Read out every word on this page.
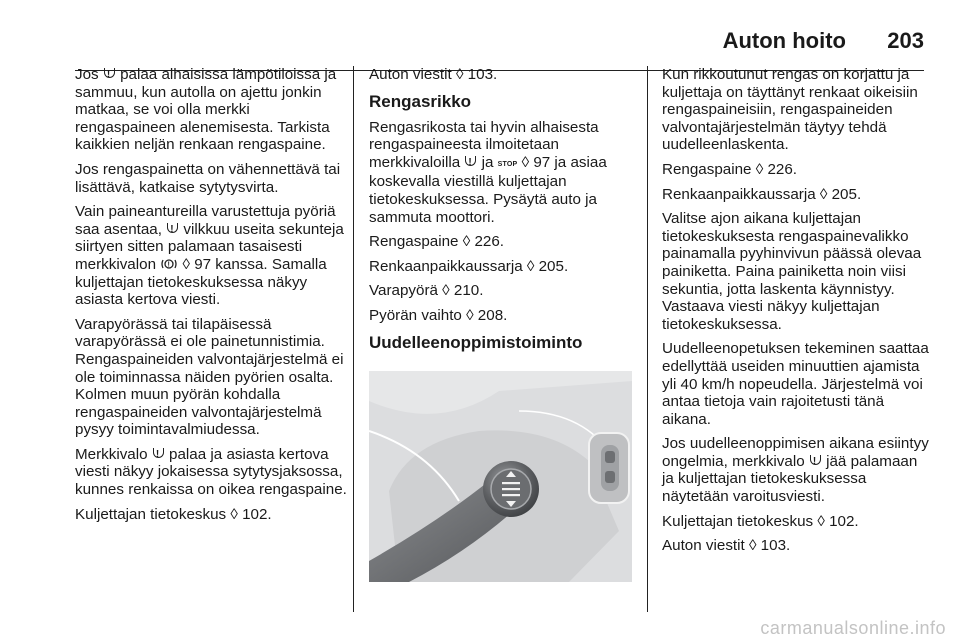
Auton hoito 203

Jos ! palaa alhaisissa lämpötiloissa ja sammuu, kun autolla on ajettu jonkin matkaa, se voi olla merkki rengaspaineen alenemisesta. Tarkista kaikkien neljän renkaan rengaspaine.

Jos rengaspainetta on vähennettävä tai lisättävä, katkaise sytytysvirta.

Vain paineantureilla varustettuja pyöriä saa asentaa, ! vilkkuu useita sekunteja siirtyen sitten palamaan tasaisesti merkkivalon ! ◊ 97 kanssa. Samalla kuljettajan tietokeskuksessa näkyy asiasta kertova viesti.

Varapyörässä tai tilapäisessä varapyörässä ei ole painetunnistimia. Rengaspaineiden valvontajärjestelmä ei ole toiminnassa näiden pyörien osalta. Kolmen muun pyörän kohdalla rengaspaineiden valvontajärjestelmä pysyy toimintavalmiudessa.

Merkkivalo ! palaa ja asiasta kertova viesti näkyy jokaisessa sytytysjaksossa, kunnes renkaissa on oikea rengaspaine.

Kuljettajan tietokeskus ◊ 102.

Auton viestit ◊ 103.

Rengasrikko

Rengasrikosta tai hyvin alhaisesta rengaspaineesta ilmoitetaan merkkivaloilla ! ja STOP ◊ 97 ja asiaa koskevalla viestillä kuljettajan tietokeskuksessa. Pysäytä auto ja sammuta moottori.

Rengaspaine ◊ 226.

Renkaanpaikkaussarja ◊ 205.

Varapyörä ◊ 210.

Pyörän vaihto ◊ 208.

Uudelleenoppimistoiminto

Kun rikkoutunut rengas on korjattu ja kuljettaja on täyttänyt renkaat oikeisiin rengaspaineisiin, rengaspaineiden valvontajärjestelmän täytyy tehdä uudelleenlaskenta.

Rengaspaine ◊ 226.

Renkaanpaikkaussarja ◊ 205.

Valitse ajon aikana kuljettajan tietokeskuksesta rengaspainevalikko painamalla pyyhinvivun päässä olevaa painiketta. Paina painiketta noin viisi sekuntia, jotta laskenta käynnistyy. Vastaava viesti näkyy kuljettajan tietokeskuksessa.

Uudelleenopetuksen tekeminen saattaa edellyttää useiden minuuttien ajamista yli 40 km/h nopeudella. Järjestelmä voi antaa tietoja vain rajoitetusti tänä aikana.

Jos uudelleenoppimisen aikana esiintyy ongelmia, merkkivalo ! jää palamaan ja kuljettajan tietokeskuksessa näytetään varoitusviesti.

Kuljettajan tietokeskus ◊ 102.

Auton viestit ◊ 103.

carmanualsonline.info
